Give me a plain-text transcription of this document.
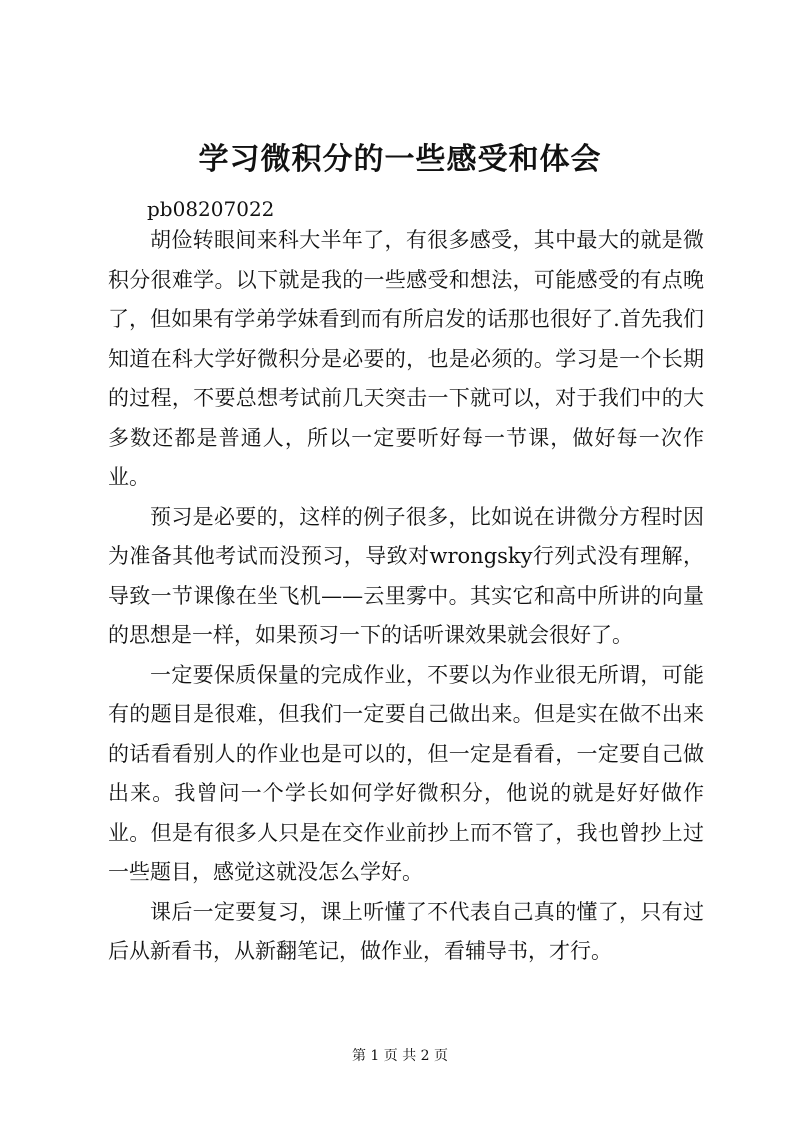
学习微积分的一些感受和体会
pb08207022

胡俭转眼间来科大半年了，有很多感受，其中最大的就是微积分很难学。以下就是我的一些感受和想法，可能感受的有点晚了，但如果有学弟学妹看到而有所启发的话那也很好了.首先我们知道在科大学好微积分是必要的，也是必须的。学习是一个长期的过程，不要总想考试前几天突击一下就可以，对于我们中的大多数还都是普通人，所以一定要听好每一节课，做好每一次作业。

预习是必要的，这样的例子很多，比如说在讲微分方程时因为准备其他考试而没预习，导致对wrongsky行列式没有理解，导致一节课像在坐飞机——云里雾中。其实它和高中所讲的向量的思想是一样，如果预习一下的话听课效果就会很好了。

一定要保质保量的完成作业，不要以为作业很无所谓，可能有的题目是很难，但我们一定要自己做出来。但是实在做不出来的话看看别人的作业也是可以的，但一定是看看，一定要自己做出来。我曾问一个学长如何学好微积分，他说的就是好好做作业。但是有很多人只是在交作业前抄上而不管了，我也曾抄上过一些题目，感觉这就没怎么学好。

课后一定要复习，课上听懂了不代表自己真的懂了，只有过后从新看书，从新翻笔记，做作业，看辅导书，才行。

第 1 页 共 2 页
